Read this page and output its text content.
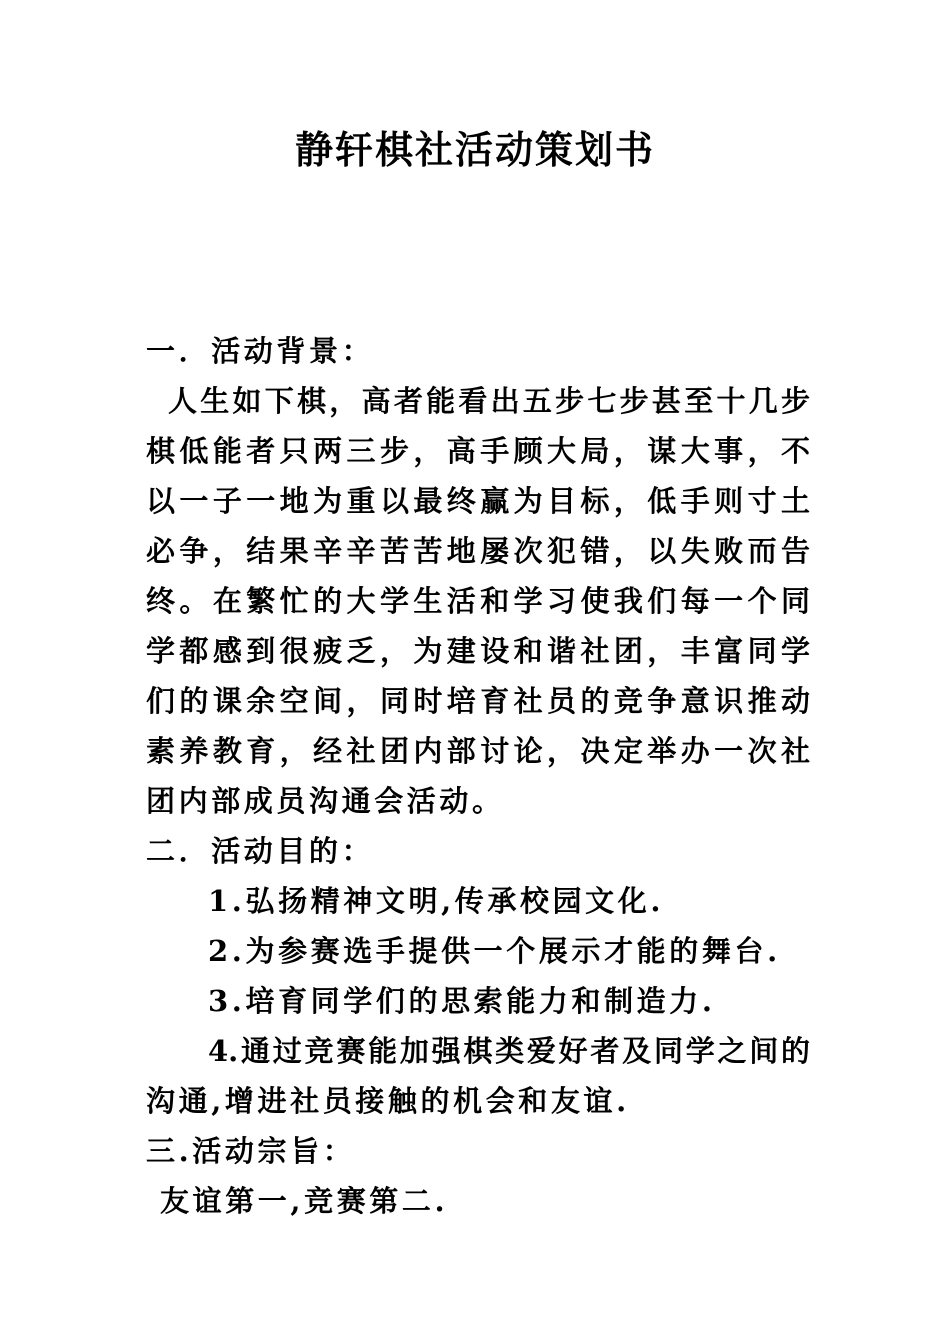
静轩棋社活动策划书
一．活动背景：
人生如下棋，高者能看出五步七步甚至十几步
棋低能者只两三步，高手顾大局，谋大事，不
以一子一地为重以最终赢为目标，低手则寸土
必争，结果辛辛苦苦地屡次犯错，以失败而告
终。在繁忙的大学生活和学习使我们每一个同
学都感到很疲乏，为建设和谐社团，丰富同学
们的课余空间，同时培育社员的竞争意识推动
素养教育，经社团内部讨论，决定举办一次社
团内部成员沟通会活动。
二．活动目的：
1.弘扬精神文明,传承校园文化.
2.为参赛选手提供一个展示才能的舞台.
3.培育同学们的思索能力和制造力.
4.通过竞赛能加强棋类爱好者及同学之间的
沟通,增进社员接触的机会和友谊.
三.活动宗旨：
友谊第一,竞赛第二.
